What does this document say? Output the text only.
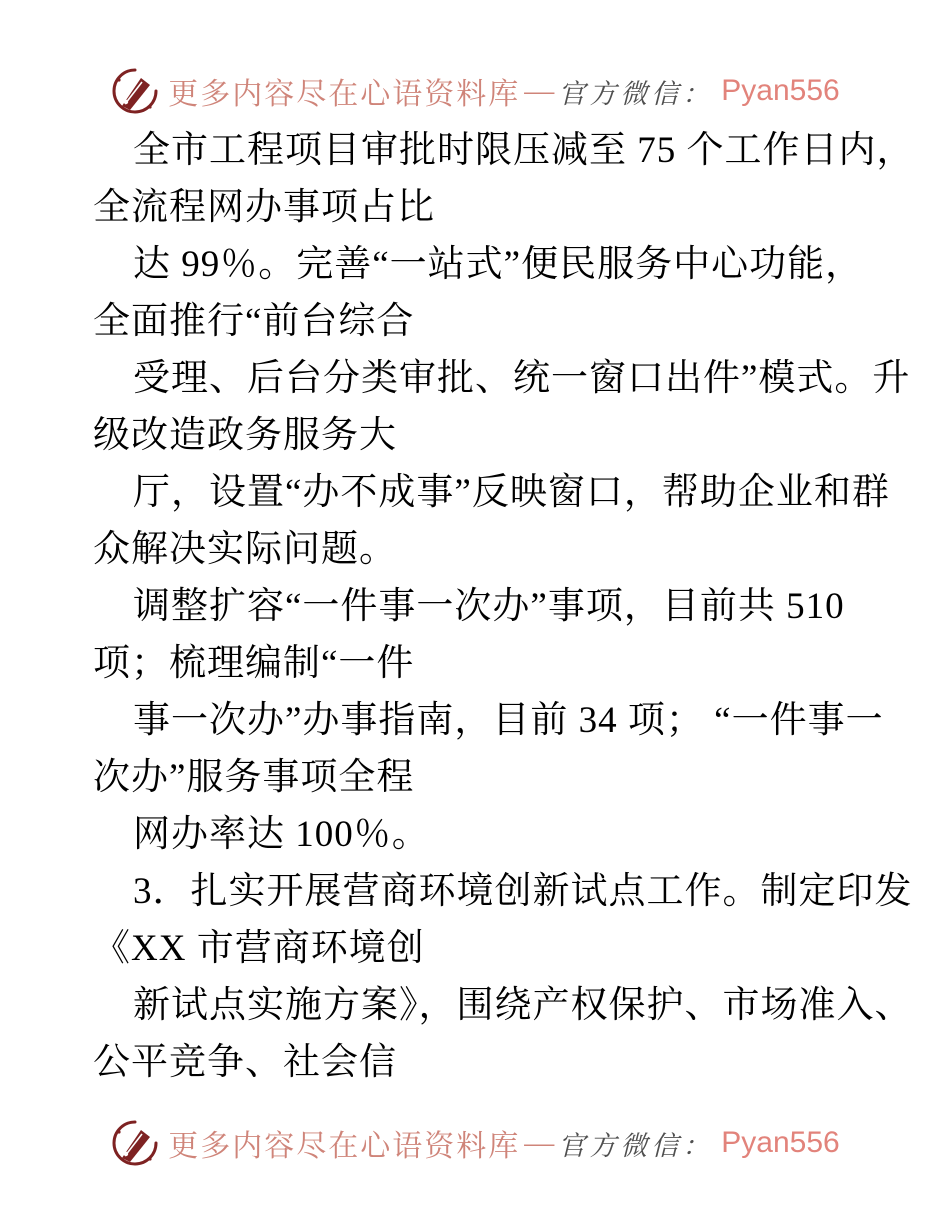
更多内容尽在心语资料库 — 官方微信： Pyan556
全市工程项目审批时限压减至 75 个工作日内，
全流程网办事项占比
达 99％。完善“一站式”便民服务中心功能，
全面推行“前台综合
受理、后台分类审批、统一窗口出件”模式。升
级改造政务服务大
厅，设置“办不成事”反映窗口，帮助企业和群
众解决实际问题。
调整扩容“一件事一次办”事项，目前共 510
项；梳理编制“一件
事一次办”办事指南，目前 34 项； “一件事一
次办”服务事项全程
网办率达 100％。
3．扎实开展营商环境创新试点工作。制定印发
《XX 市营商环境创
新试点实施方案》，围绕产权保护、市场准入、
公平竞争、社会信
更多内容尽在心语资料库 — 官方微信： Pyan556
